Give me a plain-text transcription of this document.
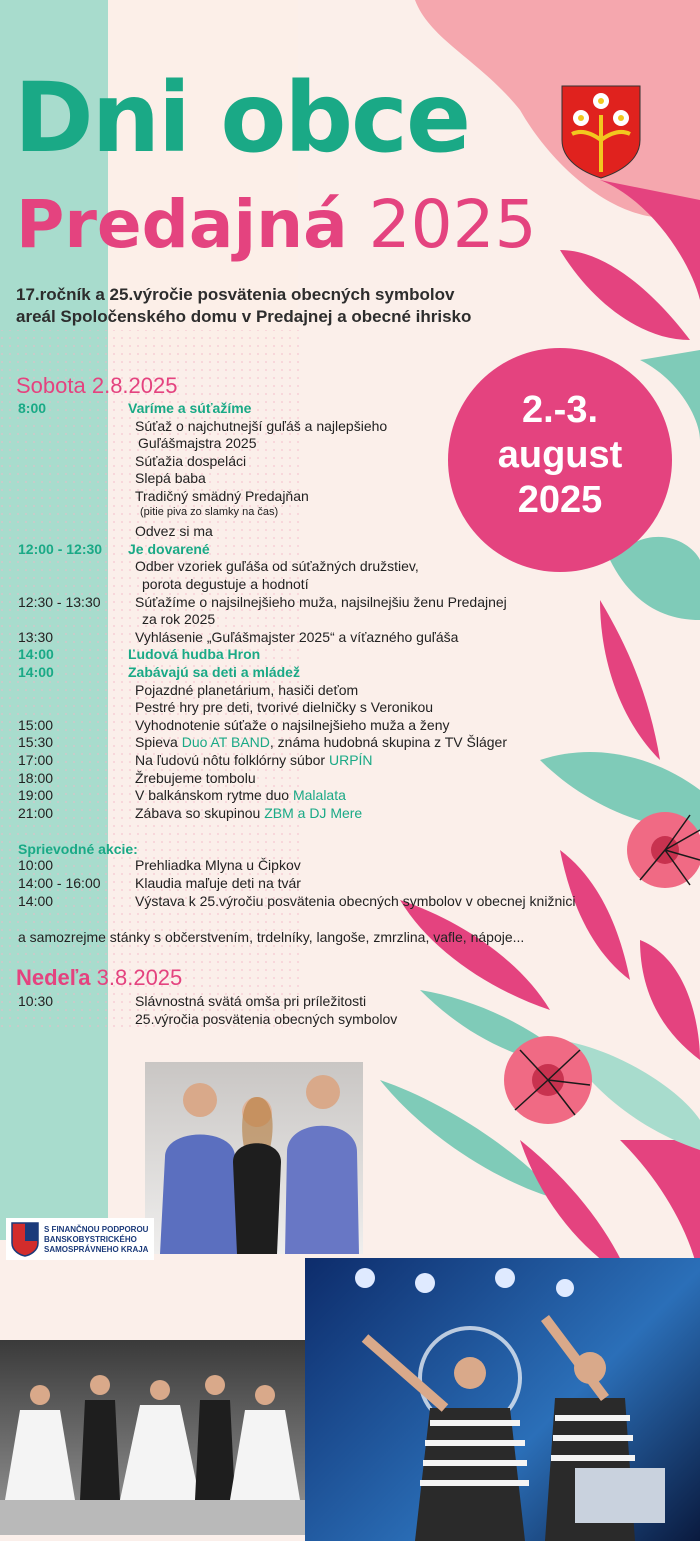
Dni obce
Predajná 2025
17.ročník a 25.výročie posvätenia obecných symbolov
areál Spoločenského domu v Predajnej a obecné ihrisko
2.-3.
august
2025
Sobota 2.8.2025
8:00	Varíme a súťažíme
Súťaž o najchutnejší guľáš a najlepšieho
Guľášmajstra 2025
Súťažia dospeláci
Slepá baba
Tradičný smädný Predajňan
(pitie piva zo slamky na čas)
Odvez si ma
12:00 - 12:30 Je dovarené
Odber vzoriek guľáša od súťažných družstiev,
porota degustuje a hodnotí
12:30 - 13:30 Súťažíme o najsilnejšieho muža, najsilnejšiu ženu Predajnej
za rok 2025
13:30	Vyhlásenie „Guľášmajster 2025“ a víťazného guľáša
14:00	Ľudová hudba Hron
14:00	Zabávajú sa deti a mládež
Pojazdné planetárium, hasiči deťom
Pestré hry pre deti, tvorivé dielničky s Veronikou
15:00	Vyhodnotenie súťaže o najsilnejšieho muža a ženy
15:30	Spieva Duo AT BAND, známa hudobná skupina z TV Šláger
17:00	Na ľudovú nôtu folklórny súbor URPÍN
18:00	Žrebujeme tombolu
19:00	V balkánskom rytme duo Malalata
21:00	Zábava so skupinou ZBM a DJ Mere
Sprievodné akcie:
10:00	Prehliadka Mlyna u Čipkov
14:00 - 16:00 Klaudia maľuje deti na tvár
14:00	Výstava k 25.výročiu posvätenia obecných symbolov v obecnej knižnici
a samozrejme stánky s občerstvením, trdelníky, langoše, zmrzlina, vafle, nápoje...
Nedeľa 3.8.2025
10:30	Slávnostná svätá omša pri príležitosti
25.výročia posvätenia obecných symbolov
S FINANČNOU PODPOROU
BANSKOBYSTRICKÉHO
SAMOSPRÁVNEHO KRAJA
